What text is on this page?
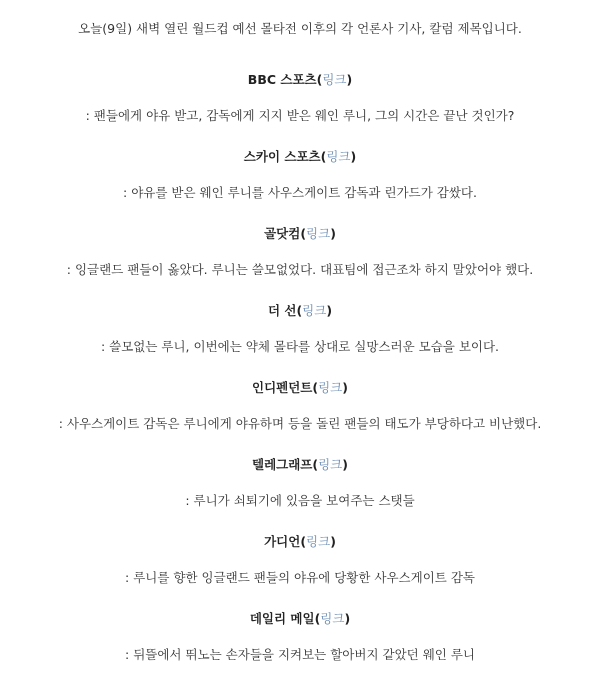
오늘(9일) 새벽 열린 월드컵 예선 몰타전 이후의 각 언론사 기사, 칼럼 제목입니다.
BBC 스포츠(링크)
: 팬들에게 야유 받고, 감독에게 지지 받은 웨인 루니, 그의 시간은 끝난 것인가?
스카이 스포츠(링크)
: 야유를 받은 웨인 루니를 사우스게이트 감독과 린가드가 감쌌다.
골닷컴(링크)
: 잉글랜드 팬들이 옳았다. 루니는 쓸모없었다. 대표팀에 접근조차 하지 말았어야 했다.
더 선(링크)
: 쓸모없는 루니, 이번에는 약체 몰타를 상대로 실망스러운 모습을 보이다.
인디펜던트(링크)
: 사우스게이트 감독은 루니에게 야유하며 등을 돌린 팬들의 태도가 부당하다고 비난했다.
텔레그래프(링크)
: 루니가 쇠퇴기에 있음을 보여주는 스탯들
가디언(링크)
: 루니를 향한 잉글랜드 팬들의 야유에 당황한 사우스게이트 감독
데일리 메일(링크)
: 뒤뜰에서 뛰노는 손자들을 지켜보는 할아버지 같았던 웨인 루니
